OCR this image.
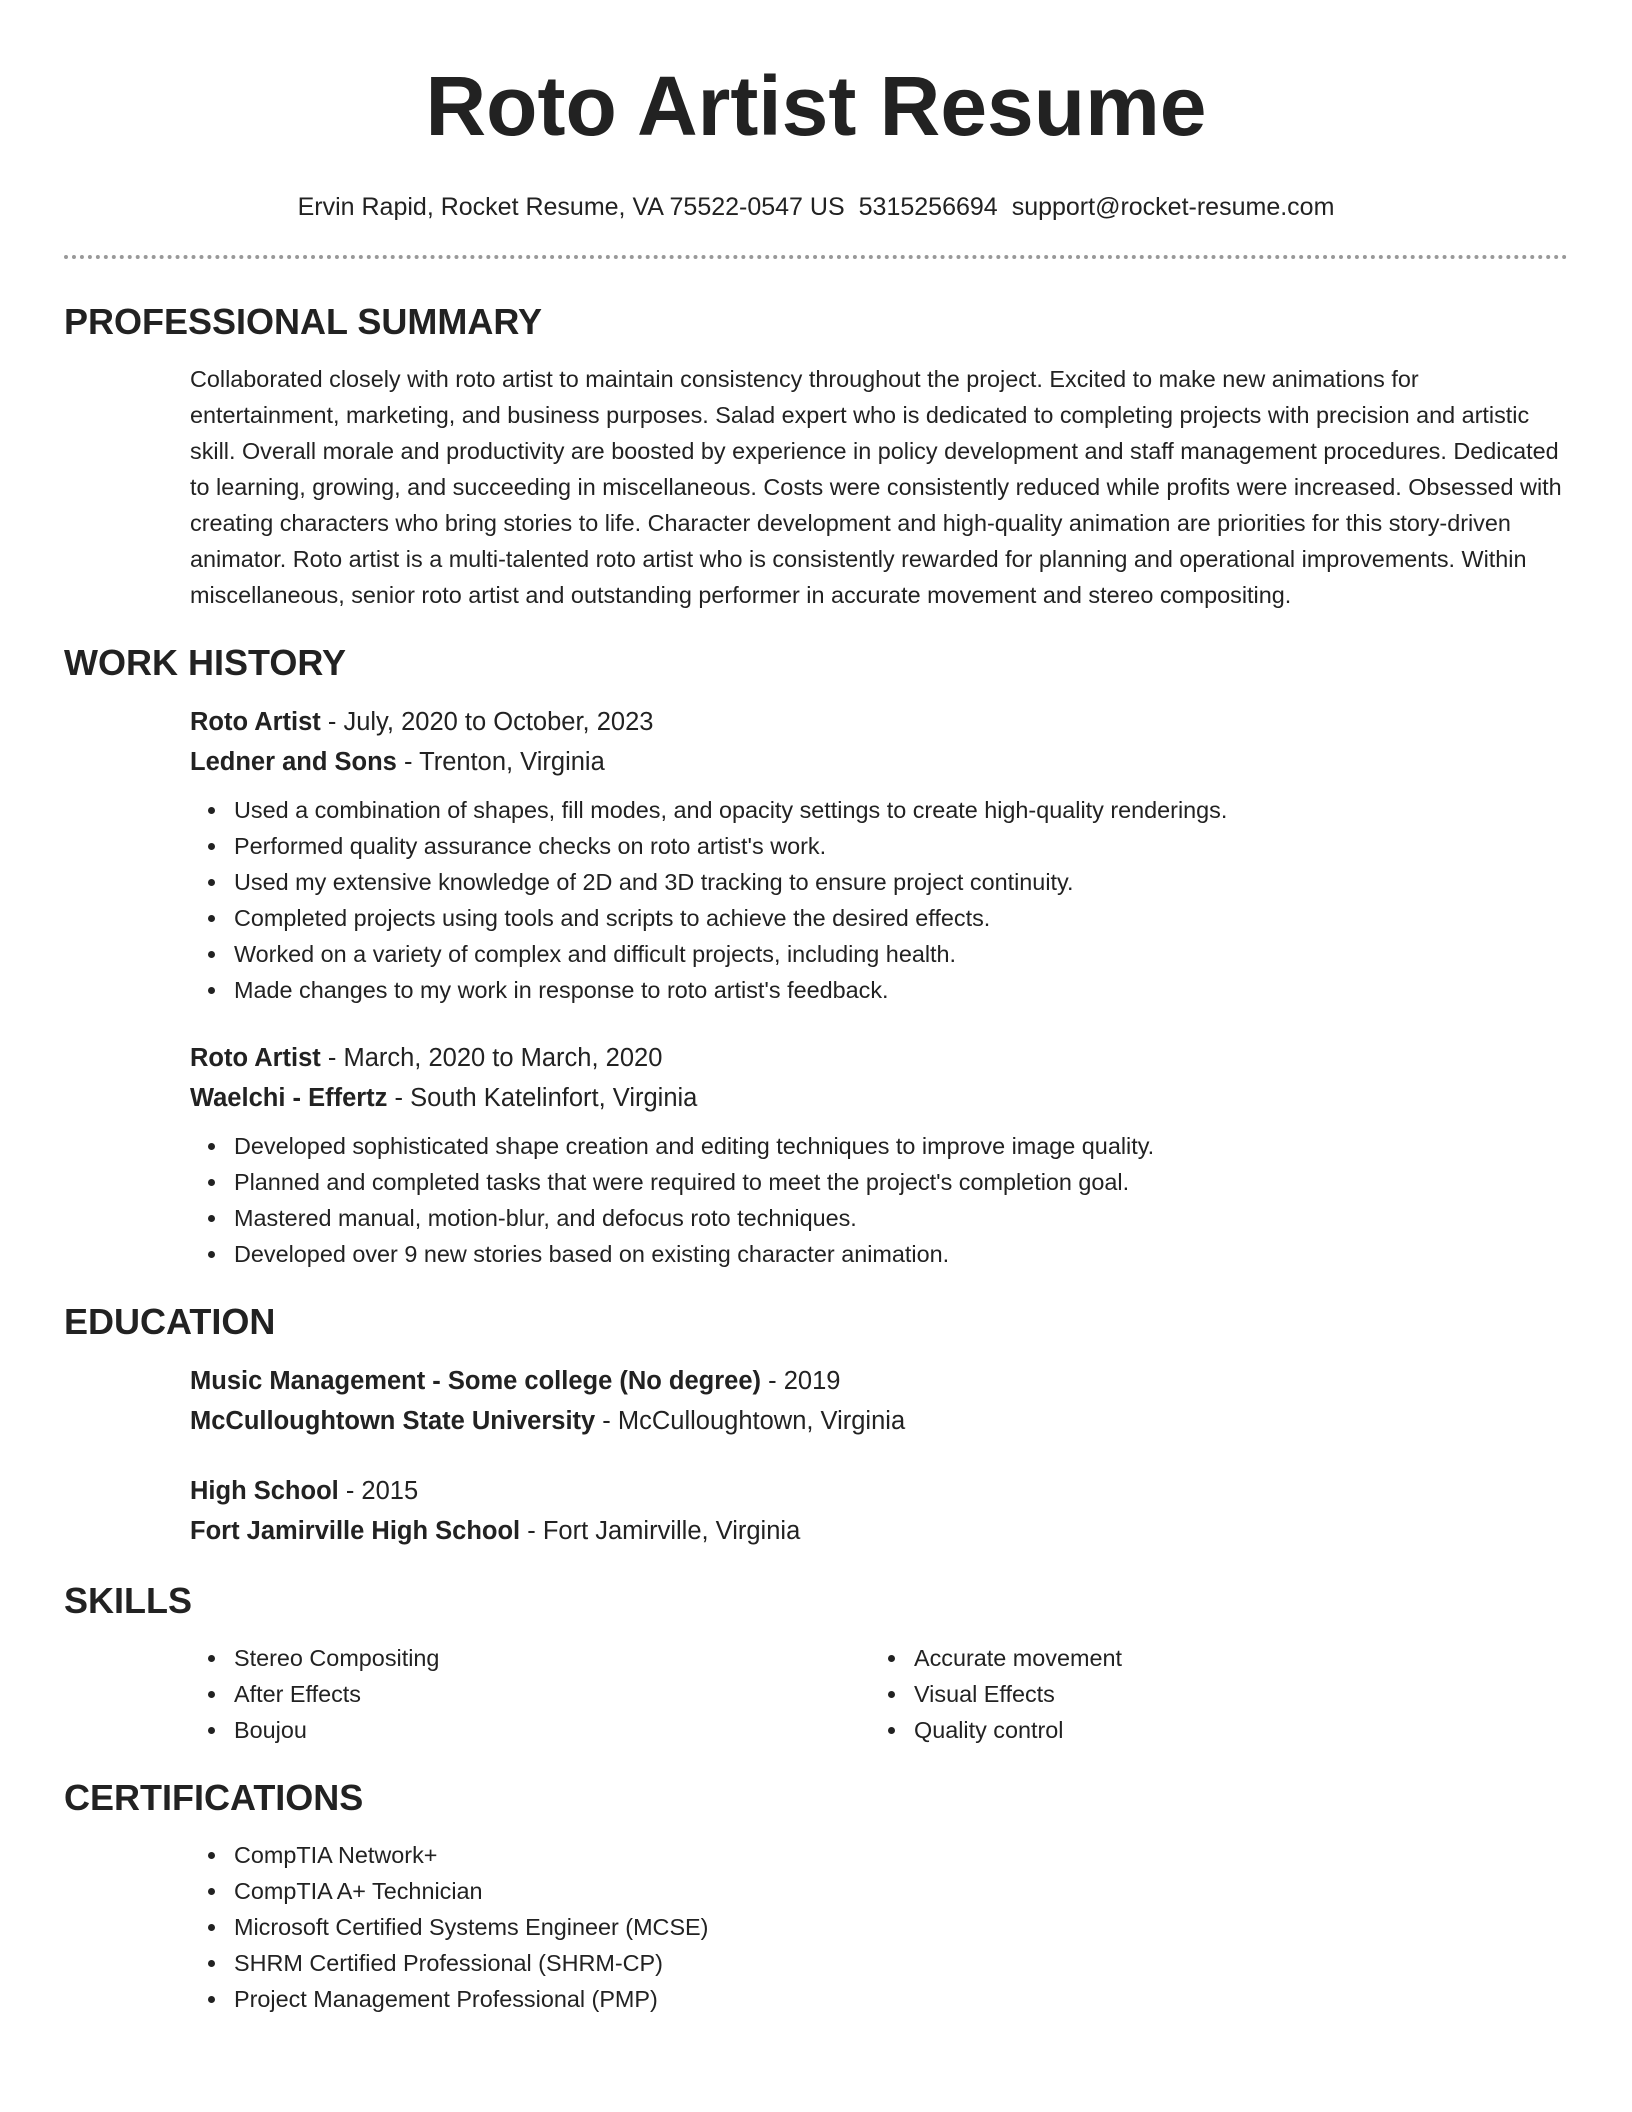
Roto Artist Resume
Ervin Rapid, Rocket Resume, VA 75522-0547 US 5315256694 support@rocket-resume.com
PROFESSIONAL SUMMARY

Collaborated closely with roto artist to maintain consistency throughout the project. Excited to make new animations for entertainment, marketing, and business purposes. Salad expert who is dedicated to completing projects with precision and artistic skill. Overall morale and productivity are boosted by experience in policy development and staff management procedures. Dedicated to learning, growing, and succeeding in miscellaneous. Costs were consistently reduced while profits were increased. Obsessed with creating characters who bring stories to life. Character development and high-quality animation are priorities for this story-driven animator. Roto artist is a multi-talented roto artist who is consistently rewarded for planning and operational improvements. Within miscellaneous, senior roto artist and outstanding performer in accurate movement and stereo compositing.

WORK HISTORY

Roto Artist - July, 2020 to October, 2023

Ledner and Sons - Trenton, Virginia

Used a combination of shapes, fill modes, and opacity settings to create high-quality renderings.
Performed quality assurance checks on roto artist's work.
Used my extensive knowledge of 2D and 3D tracking to ensure project continuity.
Completed projects using tools and scripts to achieve the desired effects.
Worked on a variety of complex and difficult projects, including health.
Made changes to my work in response to roto artist's feedback.

Roto Artist - March, 2020 to March, 2020

Waelchi - Effertz - South Katelinfort, Virginia

Developed sophisticated shape creation and editing techniques to improve image quality.
Planned and completed tasks that were required to meet the project's completion goal.
Mastered manual, motion-blur, and defocus roto techniques.
Developed over 9 new stories based on existing character animation.
EDUCATION

Music Management - Some college (No degree) - 2019

McCulloughtown State University - McCulloughtown, Virginia

High School - 2015

Fort Jamirville High School - Fort Jamirville, Virginia

SKILLS
Stereo Compositing
After Effects
Boujou
Accurate movement
Visual Effects
Quality control
CERTIFICATIONS
CompTIA Network+
CompTIA A+ Technician
Microsoft Certified Systems Engineer (MCSE)
SHRM Certified Professional (SHRM-CP)
Project Management Professional (PMP)
